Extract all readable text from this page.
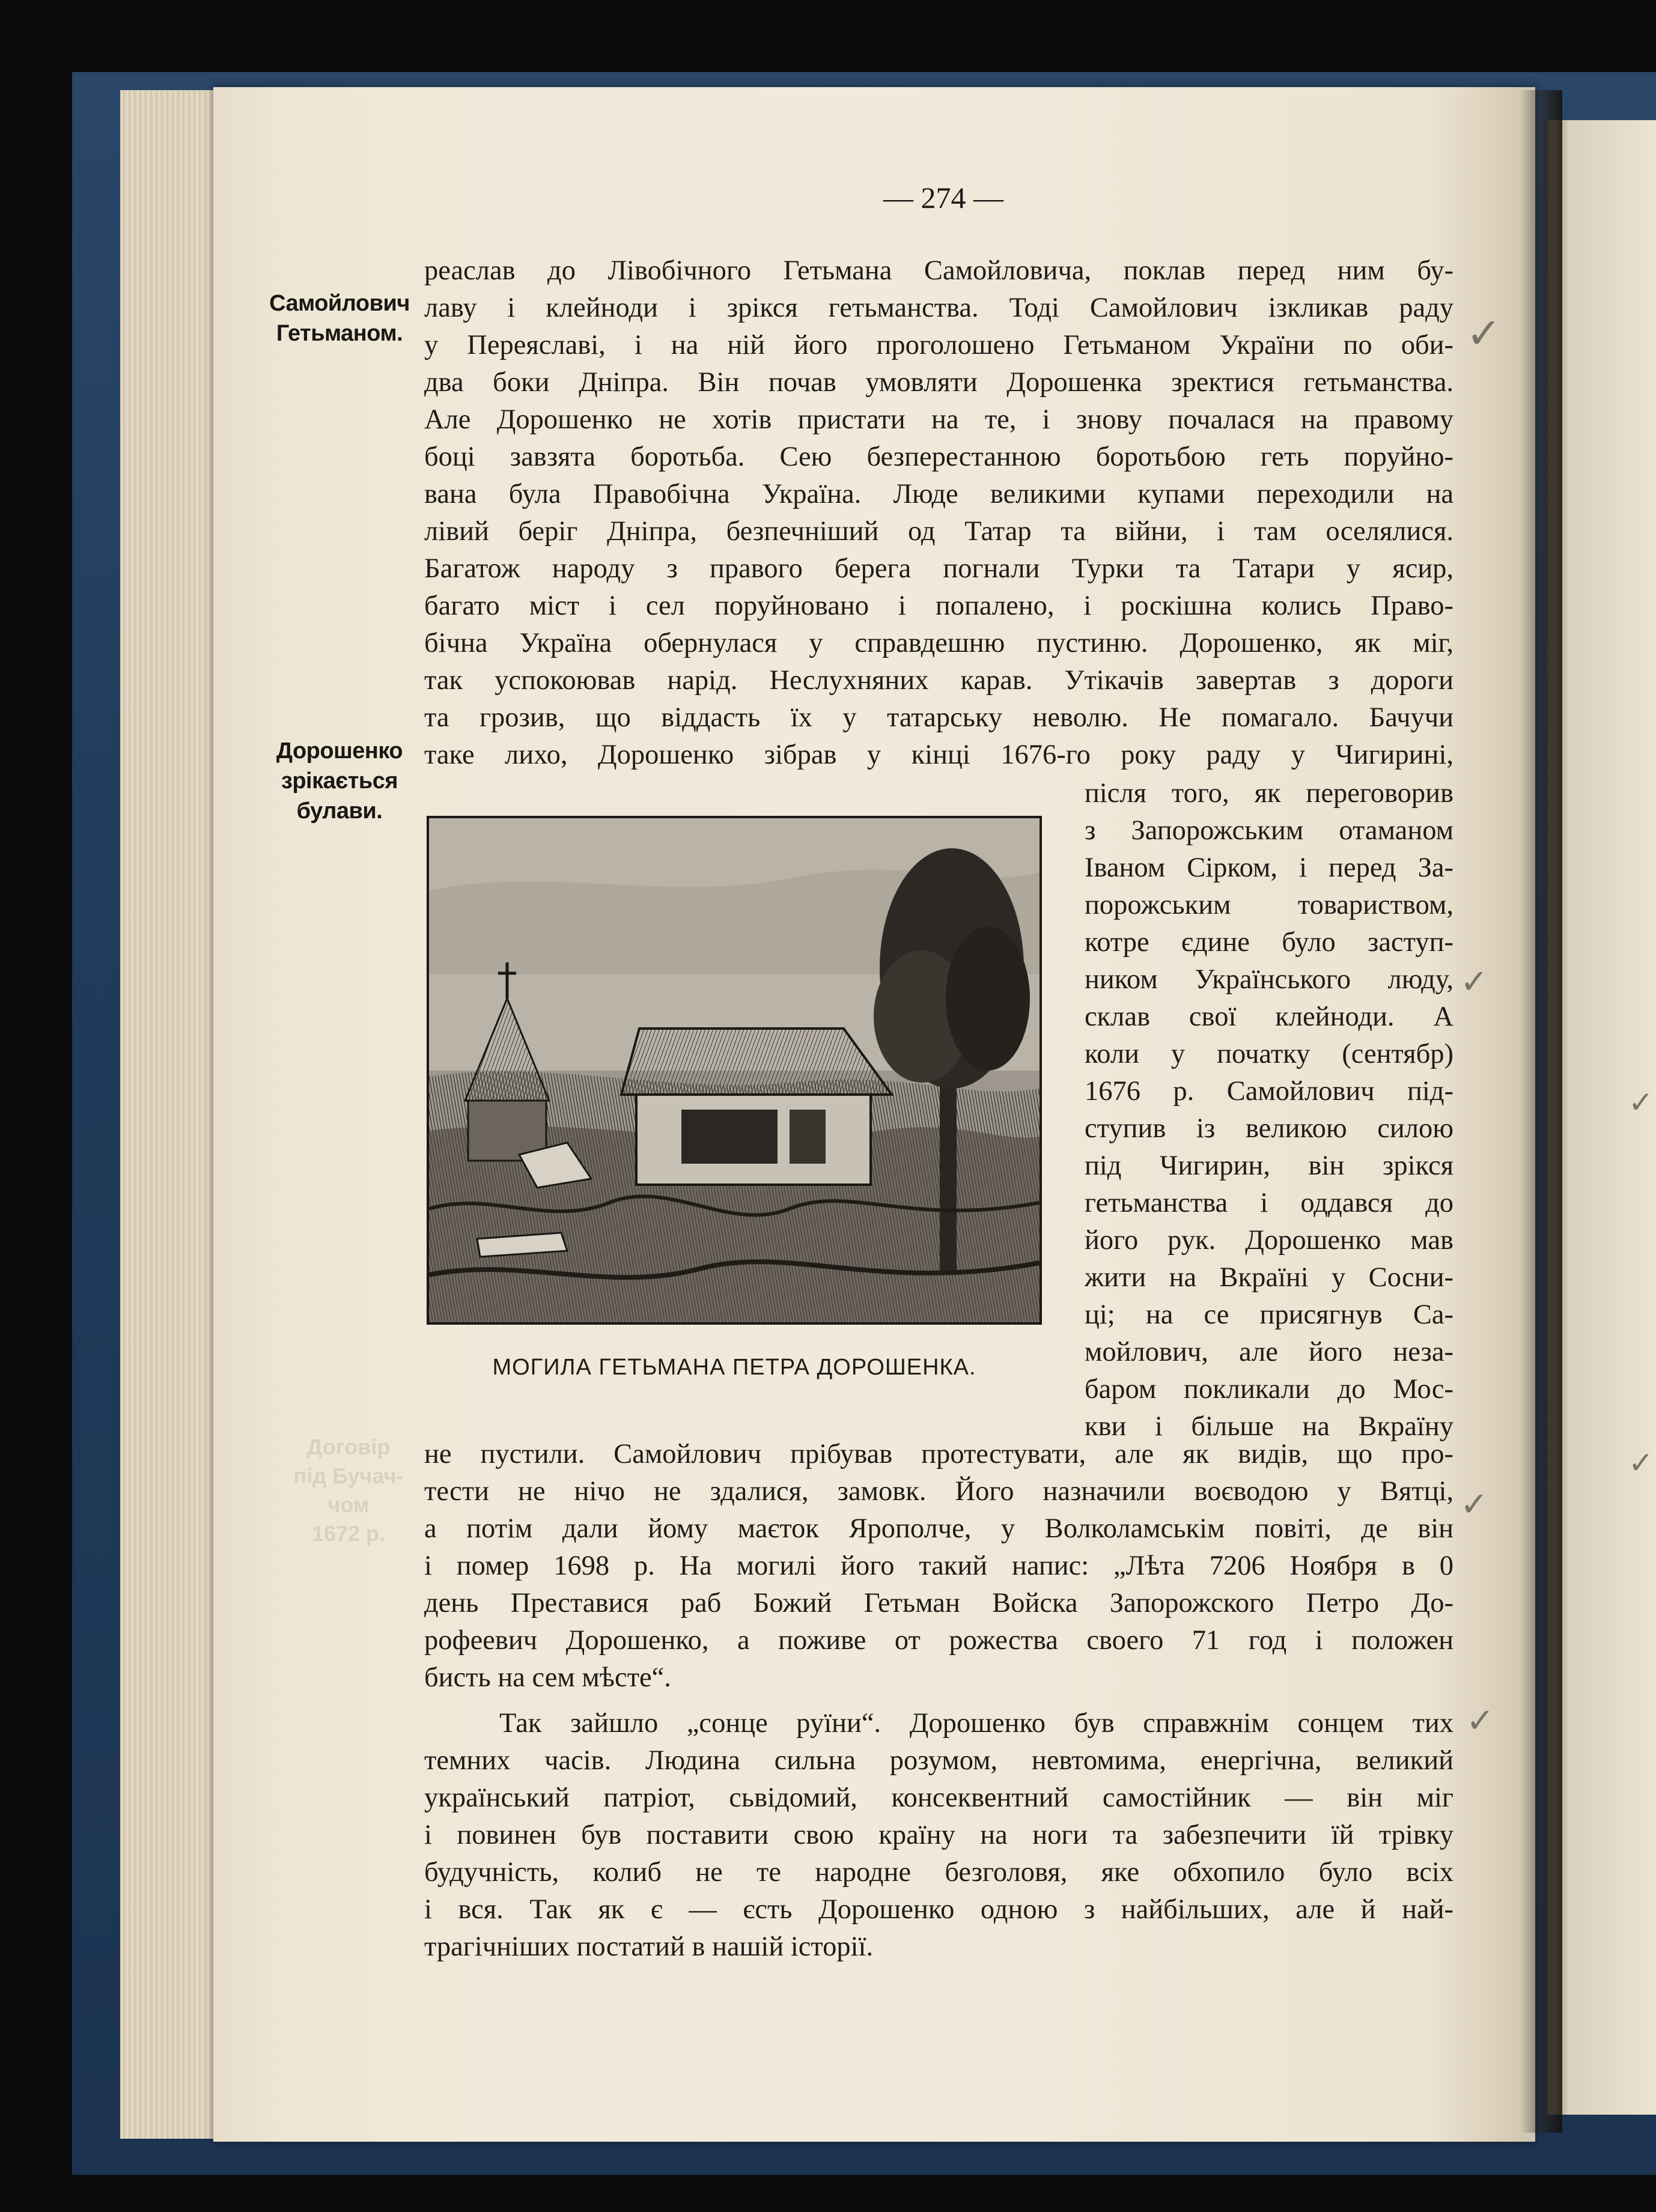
— 274 —
Самойлович
Гетьманом.
Дорошенко
зрікається
булави.
Договір
під Бучач-
чом
1672 р.
реаслав до Лівобічного Гетьмана Самойловича, поклав перед ним бу-
лаву і клейноди і зрікся гетьманства. Тоді Самойлович ізкликав раду
у Переяславі, і на ній його проголошено Гетьманом України по оби-
два боки Дніпра. Він почав умовляти Дорошенка зректися гетьманства.
Але Дорошенко не хотів пристати на те, і знову почалася на правому
боці завзята боротьба. Сею безперестанною боротьбою геть поруйно-
вана була Правобічна Україна. Люде великими купами переходили на
лівий беріг Дніпра, безпечніший од Татар та війни, і там оселялися.
Багатож народу з правого берега погнали Турки та Татари у ясир,
багато міст і сел поруйновано і попалено, і роскішна колись Право-
бічна Україна обернулася у справдешню пустиню. Дорошенко, як міг,
так успокоював нарід. Неслухняних карав. Утікачів завертав з дороги
та грозив, що віддасть їх у татарську неволю. Не помагало. Бачучи
таке лихо, Дорошенко зібрав у кінці 1676-го року раду у Чигирині,
МОГИЛА ГЕТЬМАНА ПЕТРА ДОРОШЕНКА.
після того, як переговорив
з Запорожським отаманом
Іваном Сірком, і перед За-
порожським товариством,
котре єдине було заступ-
ником Українського люду,
склав свої клейноди. А
коли у початку (сентябр)
1676 р. Самойлович під-
ступив із великою силою
під Чигирин, він зрікся
гетьманства і оддався до
його рук. Дорошенко мав
жити на Вкраїні у Сосни-
ці; на се присягнув Са-
мойлович, але його неза-
баром покликали до Мос-
кви і більше на Вкраїну
не пустили. Самойлович прібував протестувати, але як видів, що про-
тести не нічо не здалися, замовк. Його назначили воєводою у Вятці,
а потім дали йому маєток Ярополче, у Волколамськім повіті, де він
і помер 1698 р. На могилі його такий напис: „Лѣта 7206 Ноября в 0
день Преставися раб Божий Гетьман Войска Запорожского Петро До-
рофеевич Дорошенко, а поживе от рожества своего 71 год і положен
бисть на сем мѣсте“.
Так зайшло „сонце руїни“. Дорошенко був справжнім сонцем тих
темних часів. Людина сильна розумом, невтомима, енергічна, великий
український патріот, сьвідомий, консеквентний самостійник — він міг
і повинен був поставити свою країну на ноги та забезпечити їй трівку
будучність, колиб не те народне безголовя, яке обхопило було всіх
і вся. Так як є — єсть Дорошенко одною з найбільших, але й най-
трагічніших постатий в нашій історії.
✓
✓
✓
✓
✓
✓
